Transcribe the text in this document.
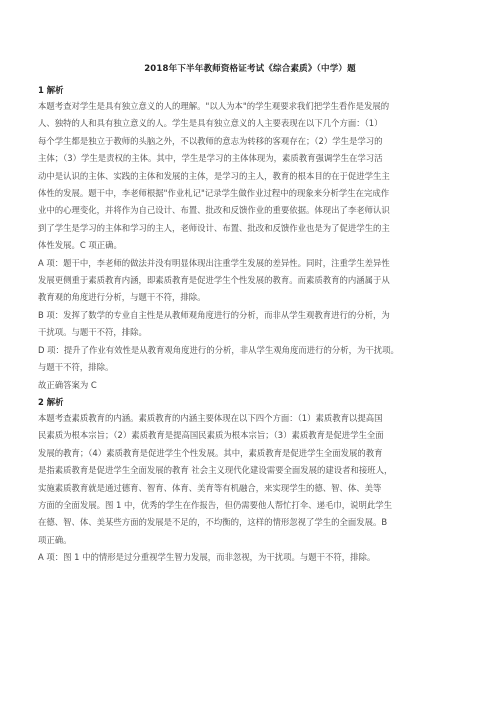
2018年下半年教师资格证考试《综合素质》（中学）题
1 解析
本题考查对学生是具有独立意义的人的理解。"以人为本"的学生观要求我们把学生看作是发展的
人、独特的人和具有独立意义的人。学生是具有独立意义的人主要表现在以下几个方面：（1）
每个学生都是独立于教师的头脑之外，不以教师的意志为转移的客观存在；（2）学生是学习的
主体；（3）学生是责权的主体。其中，学生是学习的主体体现为，素质教育强调学生在学习活
动中是认识的主体、实践的主体和发展的主体，是学习的主人，教育的根本目的在于促进学生主
体性的发展。题干中，李老师根据"作业札记"记录学生做作业过程中的现象来分析学生在完成作
业中的心理变化，并将作为自己设计、布置、批改和反馈作业的重要依据。体现出了李老师认识
到了学生是学习的主体和学习的主人，老师设计、布置、批改和反馈作业也是为了促进学生的主
体性发展。C 项正确。
A 项：题干中，李老师的做法并没有明显体现出注重学生发展的差异性。同时，注重学生差异性
发展更侧重于素质教育内涵，即素质教育是促进学生个性发展的教育。而素质教育的内涵属于从
教育观的角度进行分析，与题干不符，排除。
B 项：发挥了数学的专业自主性是从教师观角度进行的分析，而非从学生观教育进行的分析，为
干扰项。与题干不符，排除。
D 项：提升了作业有效性是从教育观角度进行的分析，非从学生观角度而进行的分析，为干扰项。
与题干不符，排除。
故正确答案为 C
2 解析
本题考查素质教育的内涵。素质教育的内涵主要体现在以下四个方面：（1）素质教育以提高国
民素质为根本宗旨；（2）素质教育是提高国民素质为根本宗旨；（3）素质教育是促进学生全面
发展的教育；（4）素质教育是促进学生个性发展。其中，素质教育是促进学生全面发展的教育
是指素质教育是促进学生全面发展的教育 社会主义现代化建设需要全面发展的建设者和接班人，
实施素质教育就是通过德育、智育、体育、美育等有机融合，来实现学生的德、智、体、美等
方面的全面发展。图 1 中，优秀的学生在作报告，但仍需要他人帮忙打伞、递毛巾，说明此学生
在德、智、体、美某些方面的发展是不足的，不均衡的，这样的情形忽视了学生的全面发展。B
项正确。
A 项：图 1 中的情形是过分重视学生智力发展，而非忽视，为干扰项。与题干不符，排除。
